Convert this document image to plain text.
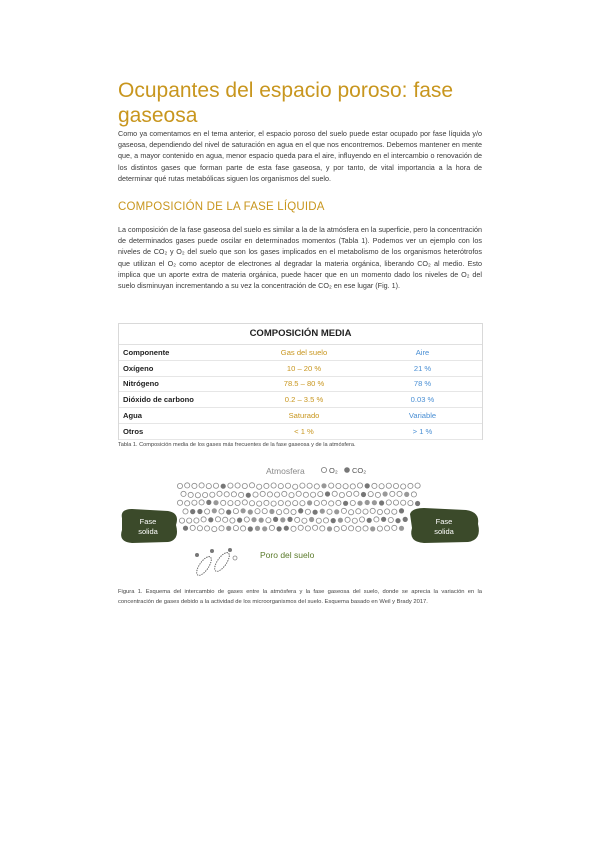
Ocupantes del espacio poroso: fase gaseosa

Como ya comentamos en el tema anterior, el espacio poroso del suelo puede estar ocupado por fase líquida y/o gaseosa, dependiendo del nivel de saturación en agua en el que nos encontremos. Debemos mantener en mente que, a mayor contenido en agua, menor espacio queda para el aire, influyendo en el intercambio o renovación de los distintos gases que forman parte de esta fase gaseosa, y por tanto, de vital importancia a la hora de determinar qué rutas metabólicas siguen los organismos del suelo.

COMPOSICIÓN DE LA FASE LÍQUIDA

La composición de la fase gaseosa del suelo es similar a la de la atmósfera en la superficie, pero la concentración de determinados gases puede oscilar en determinados momentos (Tabla 1). Podemos ver un ejemplo con los niveles de CO₂ y O₂ del suelo que son los gases implicados en el metabolismo de los organismos heterótrofos que utilizan el O₂ como aceptor de electrones al degradar la materia orgánica, liberando CO₂ al medio. Esto implica que un aporte extra de materia orgánica, puede hacer que en un momento dado los niveles de O₂ del suelo disminuyan incrementando a su vez la concentración de CO₂ en ese lugar (Fig. 1).

COMPOSICIÓN MEDIA
Componente	Gas del suelo	Aire
Oxígeno	10 – 20 %	21 %
Nitrógeno	78.5 – 80 %	78 %
Dióxido de carbono	0.2 – 3.5 %	0.03 %
Agua	Saturado	Variable
Otros	< 1 %	> 1 %

Tabla 1. Composición media de los gases más frecuentes de la fase gaseosa y de la atmósfera.

Atmosfera	O₂ CO₂
Fase
solida
Fase
solida
Poro del suelo

Figura 1. Esquema del intercambio de gases entre la atmósfera y la fase gaseosa del suelo, donde se aprecia la variación en la concentración de gases debido a la actividad de los microorganismos del suelo. Esquema basado en Weil y Brady 2017.
